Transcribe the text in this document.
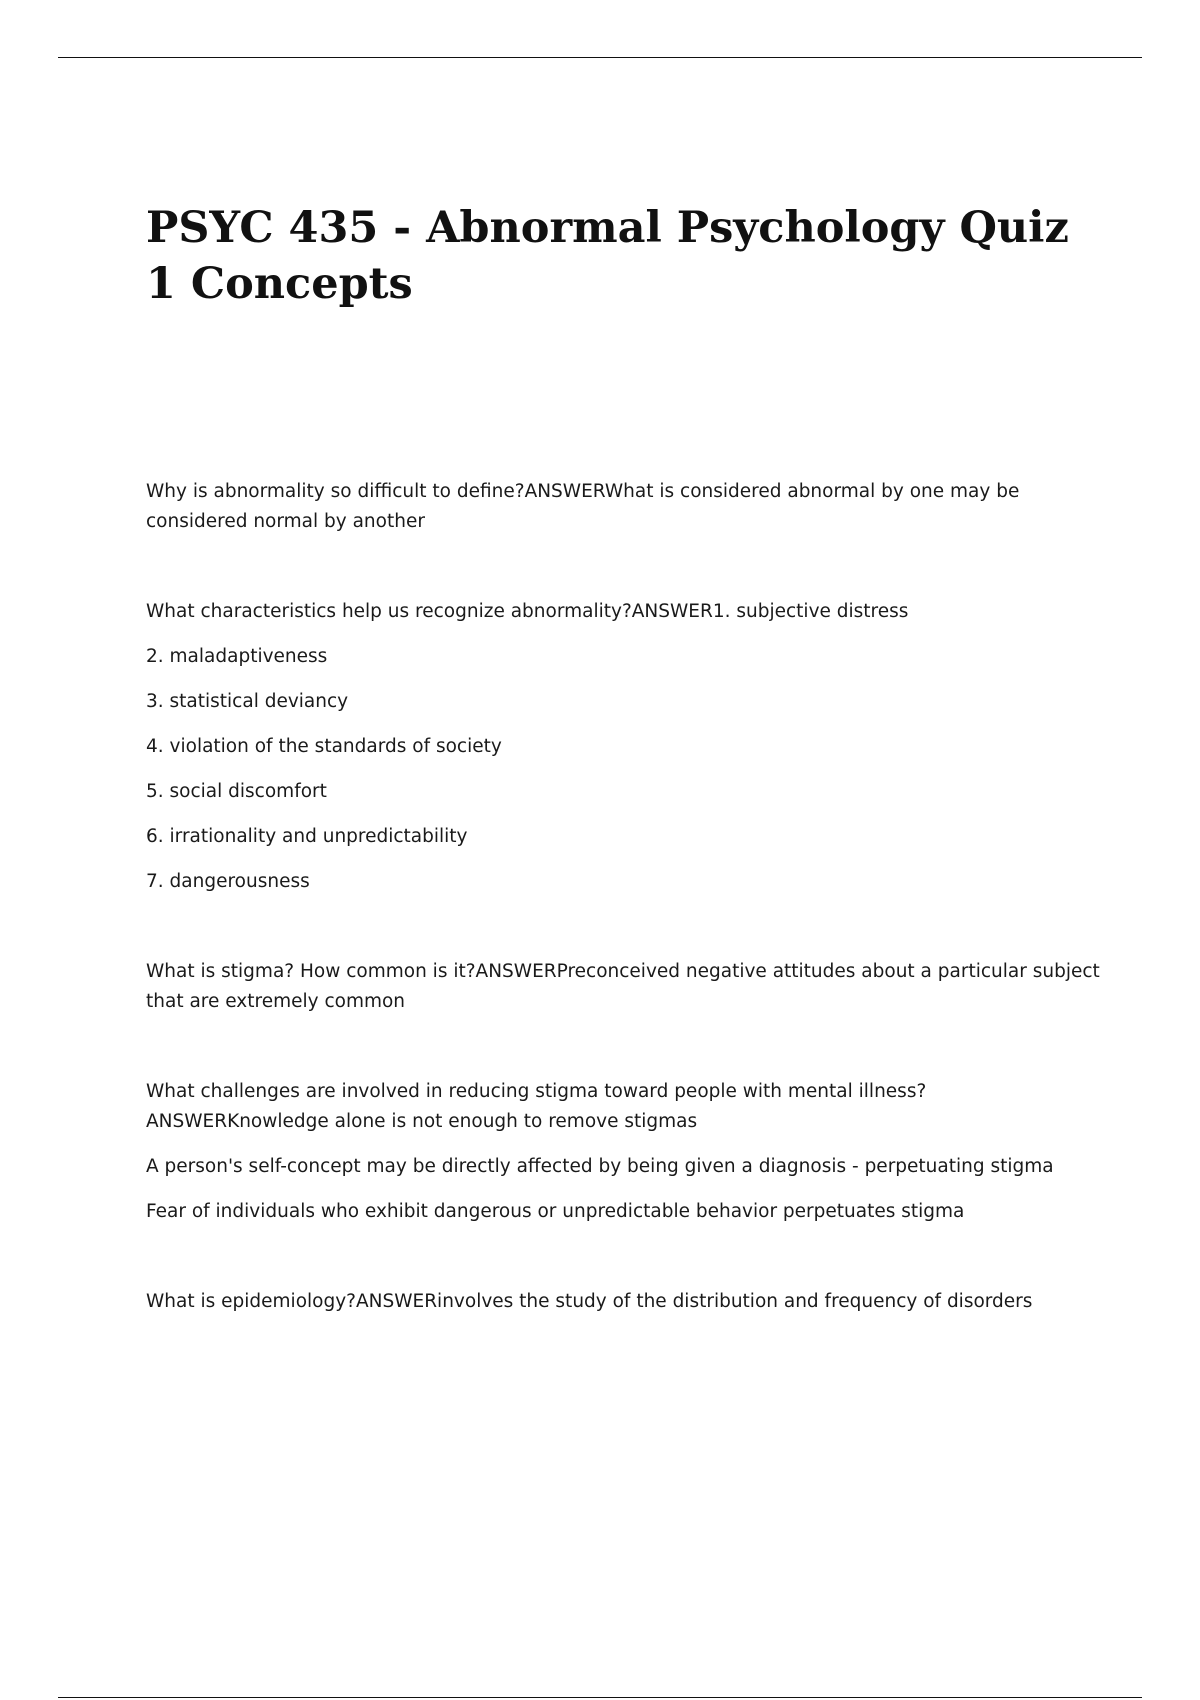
PSYC 435 - Abnormal Psychology Quiz 1 Concepts

Why is abnormality so difficult to define?ANSWERWhat is considered abnormal by one may be considered normal by another

What characteristics help us recognize abnormality?ANSWER1. subjective distress

2. maladaptiveness

3. statistical deviancy

4. violation of the standards of society

5. social discomfort

6. irrationality and unpredictability

7. dangerousness

What is stigma? How common is it?ANSWERPreconceived negative attitudes about a particular subject that are extremely common

What challenges are involved in reducing stigma toward people with mental illness?ANSWERKnowledge alone is not enough to remove stigmas

A person's self-concept may be directly affected by being given a diagnosis - perpetuating stigma

Fear of individuals who exhibit dangerous or unpredictable behavior perpetuates stigma

What is epidemiology?ANSWERinvolves the study of the distribution and frequency of disorders
